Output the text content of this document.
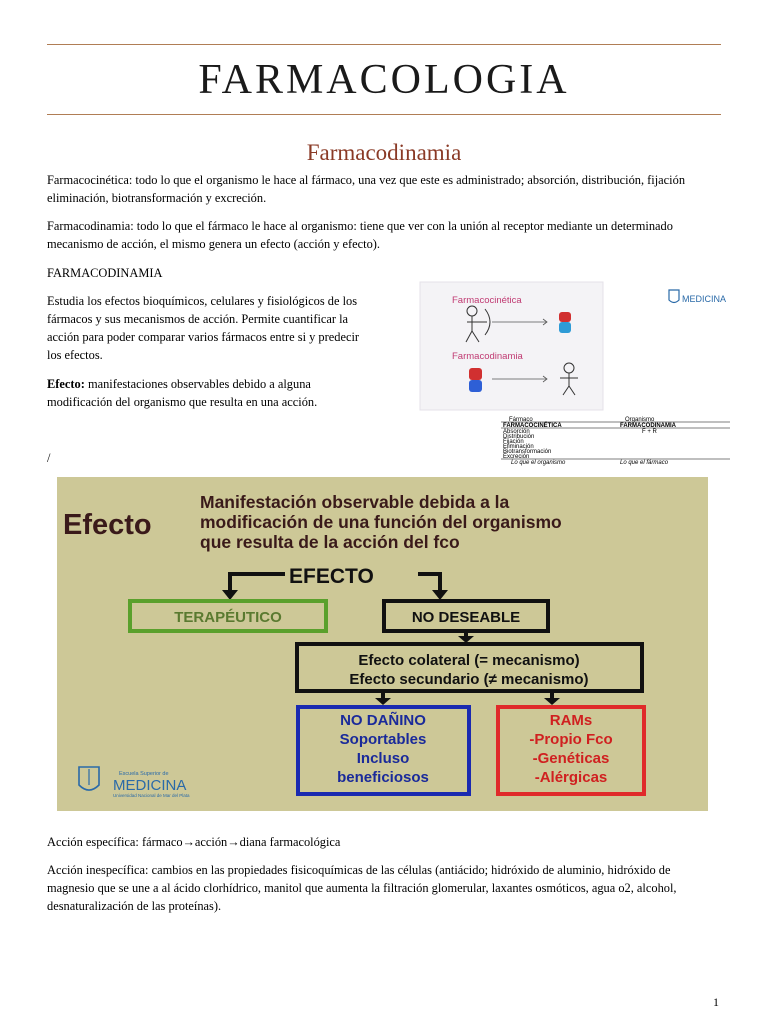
FARMACOLOGIA
Farmacodinamia

Farmacocinética: todo lo que el organismo le hace al fármaco, una vez que este es administrado; absorción, distribución, fijación eliminación, biotransformación y excreción.

Farmacodinamia: todo lo que el fármaco le hace al organismo: tiene que ver con la unión al receptor mediante un determinado mecanismo de acción, el mismo genera un efecto (acción y efecto).

FARMACODINAMIA

Estudia los efectos bioquímicos, celulares y fisiológicos de los fármacos y sus mecanismos de acción. Permite cuantificar la acción para poder comparar varios fármacos entre si y predecir los efectos.

Efecto: manifestaciones observables debido a alguna modificación del organismo que resulta en una acción.

/

Farmacocinética
Farmacodinamia
MEDICINA
Fármaco	Organismo
FARMACOCINÉTICA	FARMACODINAMIA
Absorción	F + R
Distribución
Fijación
Eliminación
Biotransformación
Excreción
Lo que el organismo	Lo que el fármaco
Efecto
Manifestación observable debida a la
modificación de una función del organismo
que resulta de la acción del fco
EFECTO
TERAPÉUTICO	NO DESEABLE
Efecto colateral (= mecanismo)
Efecto secundario (≠ mecanismo)
NO DAÑINO
Soportables
Incluso
beneficiosos
RAMs
-Propio Fco
-Genéticas
-Alérgicas
Escuela Superior de
MEDICINA
Universidad Nacional de Mar del Plata

Acción específica: fármaco→acción→diana farmacológica

Acción inespecífica: cambios en las propiedades fisicoquímicas de las células (antiácido; hidróxido de aluminio, hidróxido de magnesio que se une a al ácido clorhídrico, manitol que aumenta la filtración glomerular, laxantes osmóticos, agua o2, alcohol, desnaturalización de las proteínas).

1
